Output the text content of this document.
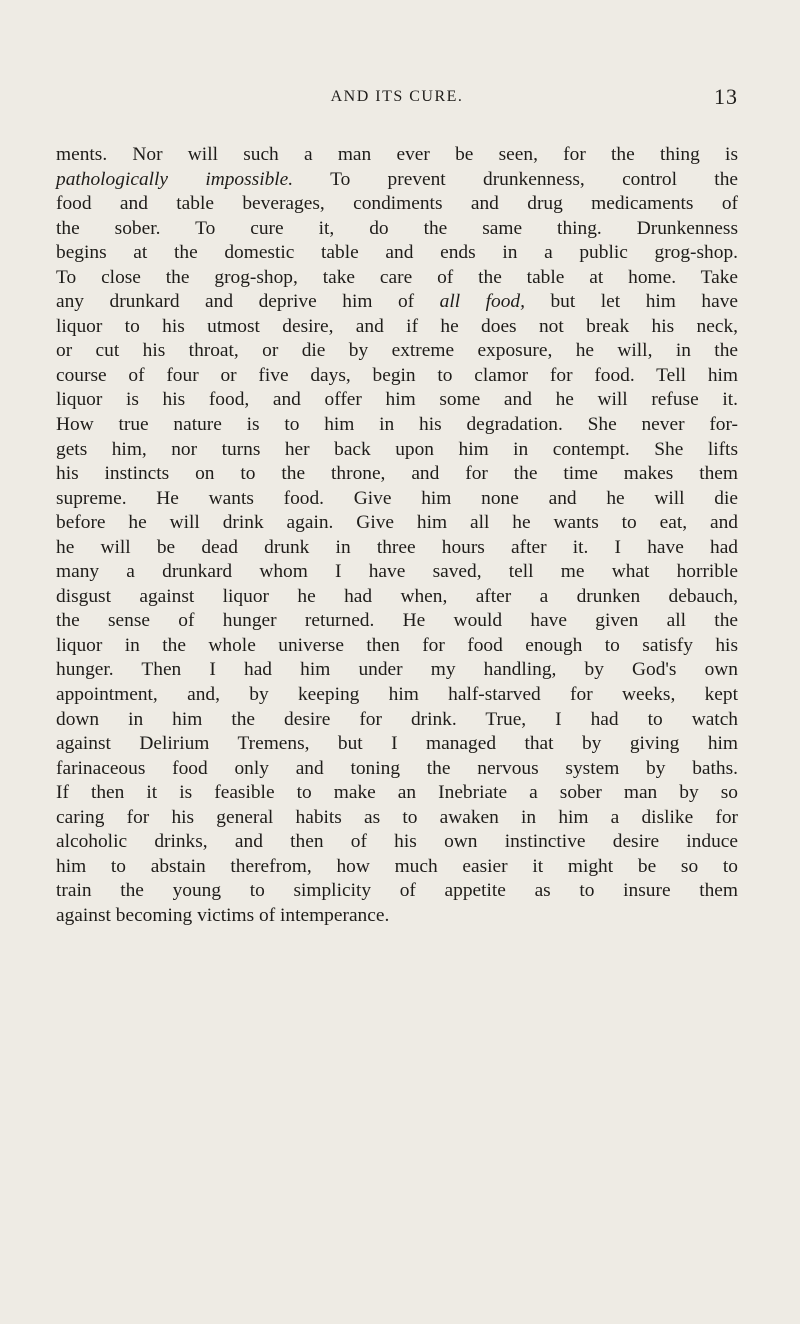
AND ITS CURE.	13
ments. Nor will such a man ever be seen, for the thing is
pathologically impossible. To prevent drunkenness, control the
food and table beverages, condiments and drug medicaments of
the sober. To cure it, do the same thing. Drunkenness
begins at the domestic table and ends in a public grog-shop.
To close the grog-shop, take care of the table at home. Take
any drunkard and deprive him of all food, but let him have
liquor to his utmost desire, and if he does not break his neck,
or cut his throat, or die by extreme exposure, he will, in the
course of four or five days, begin to clamor for food. Tell him
liquor is his food, and offer him some and he will refuse it.
How true nature is to him in his degradation. She never for-
gets him, nor turns her back upon him in contempt. She lifts
his instincts on to the throne, and for the time makes them
supreme. He wants food. Give him none and he will die
before he will drink again. Give him all he wants to eat, and
he will be dead drunk in three hours after it. I have had
many a drunkard whom I have saved, tell me what horrible
disgust against liquor he had when, after a drunken debauch,
the sense of hunger returned. He would have given all the
liquor in the whole universe then for food enough to satisfy his
hunger. Then I had him under my handling, by God's own
appointment, and, by keeping him half-starved for weeks, kept
down in him the desire for drink. True, I had to watch
against Delirium Tremens, but I managed that by giving him
farinaceous food only and toning the nervous system by baths.
If then it is feasible to make an Inebriate a sober man by so
caring for his general habits as to awaken in him a dislike for
alcoholic drinks, and then of his own instinctive desire induce
him to abstain therefrom, how much easier it might be so to
train the young to simplicity of appetite as to insure them
against becoming victims of intemperance.
